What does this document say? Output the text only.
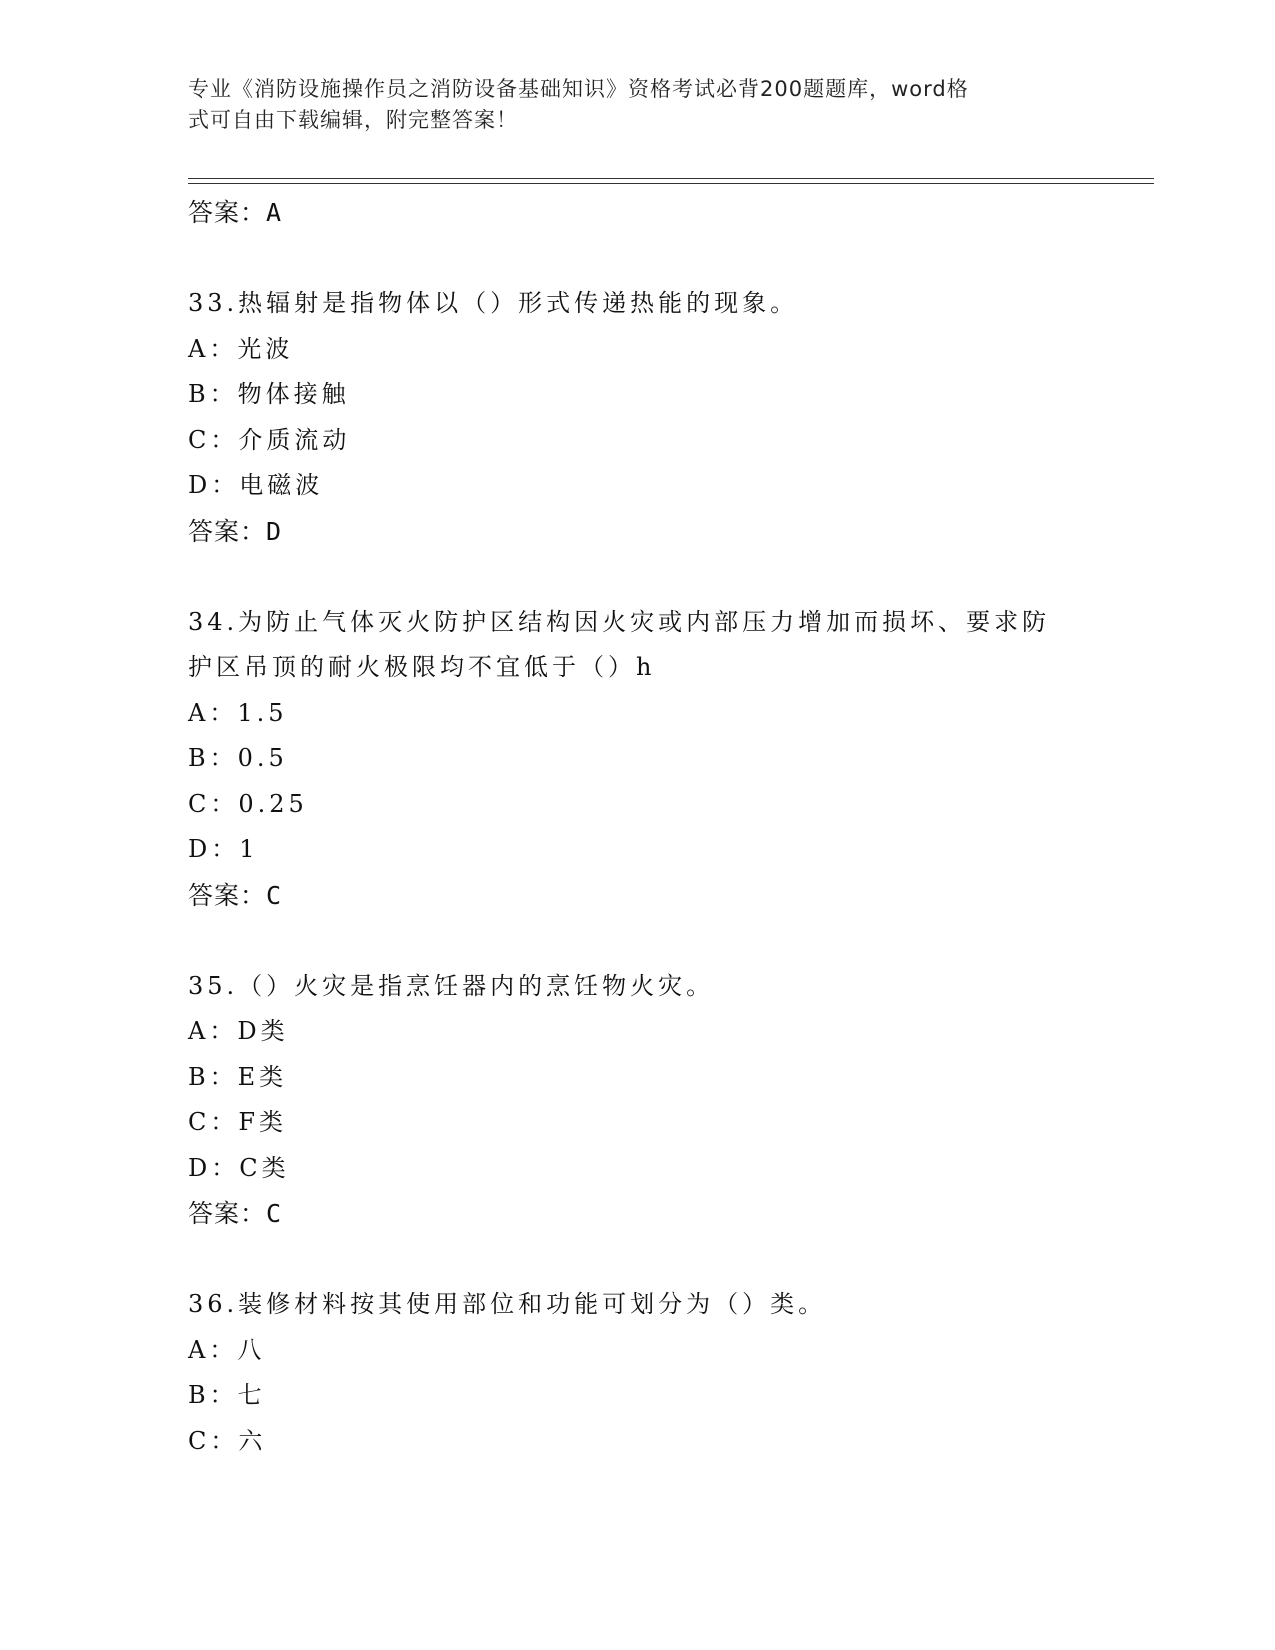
专业《消防设施操作员之消防设备基础知识》资格考试必背200题题库，word格
式可自由下载编辑，附完整答案！
答案：A
33.热辐射是指物体以（）形式传递热能的现象。
A：光波
B：物体接触
C：介质流动
D：电磁波
答案：D
34.为防止气体灭火防护区结构因火灾或内部压力增加而损坏、要求防
护区吊顶的耐火极限均不宜低于（）h
A：1.5
B：0.5
C：0.25
D：1
答案：C
35.（）火灾是指烹饪器内的烹饪物火灾。
A：D类
B：E类
C：F类
D：C类
答案：C
36.装修材料按其使用部位和功能可划分为（）类。
A：八
B：七
C：六
